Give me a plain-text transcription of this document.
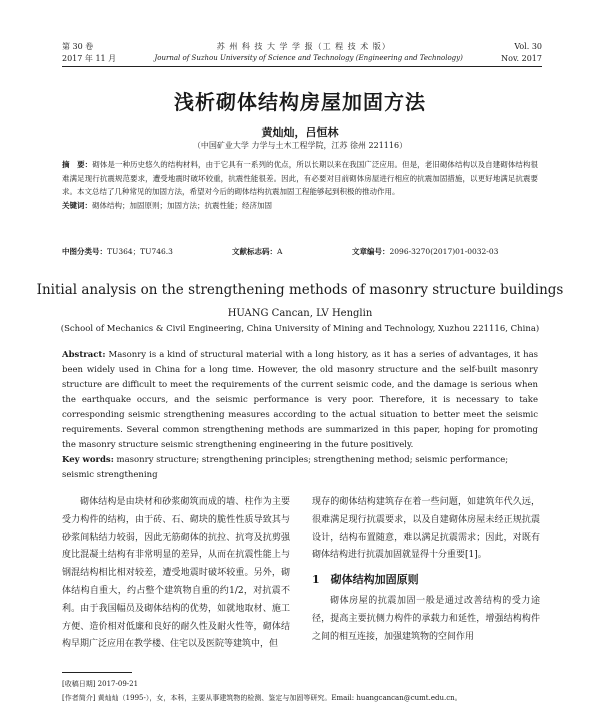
第 30 卷	苏 州 科 技 大 学 学 报（工 程 技 术 版）	Vol. 30
2017 年 11 月	Journal of Suzhou University of Science and Technology (Engineering and Technology)	Nov. 2017
浅析砌体结构房屋加固方法
黄灿灿，吕恒林
（中国矿业大学 力学与土木工程学院，江苏 徐州 221116）
摘　要：砌体是一种历史悠久的结构材料，由于它具有一系列的优点，所以长期以来在我国广泛应用。但是，老旧砌体结构以及自建砌体结构很难满足现行抗震规范要求，遭受地震时破坏较重，抗震性能很差。因此，有必要对目前砌体房屋进行相应的抗震加固措施，以更好地满足抗震要求。本文总结了几种常见的加固方法，希望对今后的砌体结构抗震加固工程能够起到积极的推动作用。
关键词：砌体结构；加固原则；加固方法；抗震性能；经济加固
中图分类号：TU364；TU746.3	文献标志码：A	文章编号：2096-3270(2017)01-0032-03
Initial analysis on the strengthening methods of masonry structure buildings
HUANG Cancan, LV Henglin
(School of Mechanics & Civil Engineering, China University of Mining and Technology, Xuzhou 221116, China)
Abstract: Masonry is a kind of structural material with a long history, as it has a series of advantages, it has been widely used in China for a long time. However, the old masonry structure and the self-built masonry structure are difficult to meet the requirements of the current seismic code, and the damage is serious when the earthquake occurs, and the seismic performance is very poor. Therefore, it is necessary to take corresponding seismic strengthening measures according to the actual situation to better meet the seismic requirements. Several common strengthening methods are summarized in this paper, hoping for promoting the masonry structure seismic strengthening engineering in the future positively.
Key words: masonry structure; strengthening principles; strengthening method; seismic performance; seismic strengthening
砌体结构是由块材和砂浆砌筑而成的墙、柱作为主要受力构件的结构，由于砖、石、砌块的脆性性质导致其与砂浆间粘结力较弱，因此无筋砌体的抗拉、抗弯及抗剪强度比混凝土结构有非常明显的差异，从而在抗震性能上与钢混结构相比相对较差，遭受地震时破坏较重。另外，砌体结构自重大，约占整个建筑物自重的约1/2，对抗震不利。由于我国幅员及砌体结构的优势，如就地取材、施工方便、造价相对低廉和良好的耐久性及耐火性等，砌体结构早期广泛应用在教学楼、住宅以及医院等建筑中，但
现存的砌体结构建筑存在着一些问题，如建筑年代久远，很难满足现行抗震要求，以及自建砌体房屋未经正规抗震设计，结构布置随意，难以满足抗震需求；因此，对既有砌体结构进行抗震加固就显得十分重要[1]。
1　砌体结构加固原则
砌体房屋的抗震加固一般是通过改善结构的受力途径，提高主要抗侧力构件的承载力和延性，增强结构构件之间的相互连接，加强建筑物的空间作用
[收稿日期] 2017-09-21
[作者简介] 黄灿灿（1995-），女，本科，主要从事建筑物的检测、鉴定与加固等研究。Email: huangcancan@cumt.edu.cn。
